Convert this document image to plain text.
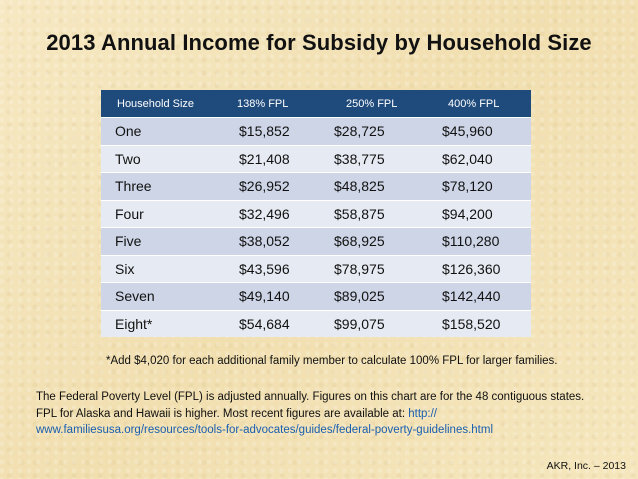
2013 Annual Income for Subsidy by Household Size
Household Size	138% FPL	250% FPL	400% FPL
One	$15,852	$28,725	$45,960
Two	$21,408	$38,775	$62,040
Three	$26,952	$48,825	$78,120
Four	$32,496	$58,875	$94,200
Five	$38,052	$68,925	$110,280
Six	$43,596	$78,975	$126,360
Seven	$49,140	$89,025	$142,440
Eight*	$54,684	$99,075	$158,520
*Add $4,020 for each additional family member to calculate 100% FPL for larger families.
The Federal Poverty Level (FPL) is adjusted annually. Figures on this chart are for the 48 contiguous states.
FPL for Alaska and Hawaii is higher. Most recent figures are available at: http://
www.familiesusa.org/resources/tools-for-advocates/guides/federal-poverty-guidelines.html
AKR, Inc. – 2013
